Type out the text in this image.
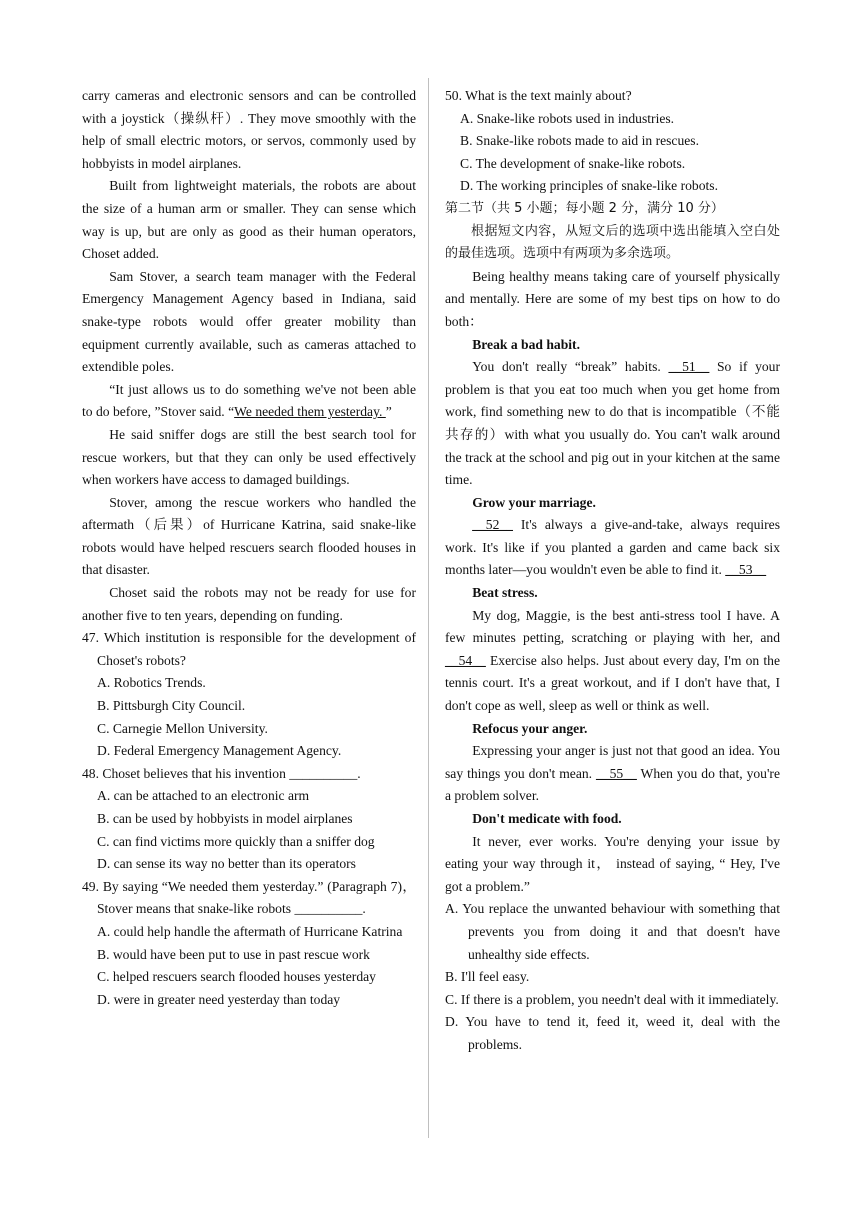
carry cameras and electronic sensors and can be controlled with a joystick（操纵杆）. They move smoothly with the help of small electric motors, or servos, commonly used by hobbyists in model airplanes.

Built from lightweight materials, the robots are about the size of a human arm or smaller. They can sense which way is up, but are only as good as their human operators, Choset added.

Sam Stover, a search team manager with the Federal Emergency Management Agency based in Indiana, said snake-type robots would offer greater mobility than equipment currently available, such as cameras attached to extendible poles.

“It just allows us to do something we've not been able to do before, ”Stover said. “We needed them yesterday. ”

He said sniffer dogs are still the best search tool for rescue workers, but that they can only be used effectively when workers have access to damaged buildings.

Stover, among the rescue workers who handled the aftermath（后果）of Hurricane Katrina, said snake-like robots would have helped rescuers search flooded houses in that disaster.

Choset said the robots may not be ready for use for another five to ten years, depending on funding.

47. Which institution is responsible for the development of Choset's robots?

A. Robotics Trends.

B. Pittsburgh City Council.

C. Carnegie Mellon University.

D. Federal Emergency Management Agency.

48. Choset believes that his invention __________.

A. can be attached to an electronic arm

B. can be used by hobbyists in model airplanes

C. can find victims more quickly than a sniffer dog

D. can sense its way no better than its operators

49. By saying “We needed them yesterday.” (Paragraph 7)，Stover means that snake-like robots __________.

A. could help handle the aftermath of Hurricane Katrina

B. would have been put to use in past rescue work

C. helped rescuers search flooded houses yesterday

D. were in greater need yesterday than today

50. What is the text mainly about?

A. Snake-like robots used in industries.

B. Snake-like robots made to aid in rescues.

C. The development of snake-like robots.

D. The working principles of snake-like robots.

第二节（共 5 小题；每小题 2 分，满分 10 分）

根据短文内容，从短文后的选项中选出能填入空白处的最佳选项。选项中有两项为多余选项。

Being healthy means taking care of yourself physically and mentally. Here are some of my best tips on how to do both：

Break a bad habit.

You don't really “break” habits. __51__ So if your problem is that you eat too much when you get home from work, find something new to do that is incompatible（不能共存的）with what you usually do. You can't walk around the track at the school and pig out in your kitchen at the same time.

Grow your marriage.

__52__ It's always a give-and-take, always requires work. It's like if you planted a garden and came back six months later—you wouldn't even be able to find it. __53__

Beat stress.

My dog, Maggie, is the best anti-stress tool I have. A few minutes petting, scratching or playing with her, and __54__ Exercise also helps. Just about every day, I'm on the tennis court. It's a great workout, and if I don't have that, I don't cope as well, sleep as well or think as well.

Refocus your anger.

Expressing your anger is just not that good an idea. You say things you don't mean. __55__ When you do that, you're a problem solver.

Don't medicate with food.

It never, ever works. You're denying your issue by eating your way through it， instead of saying, “ Hey, I've got a problem.”

A. You replace the unwanted behaviour with something that prevents you from doing it and that doesn't have unhealthy side effects.

B. I'll feel easy.

C. If there is a problem, you needn't deal with it immediately.

D. You have to tend it, feed it, weed it, deal with the problems.
